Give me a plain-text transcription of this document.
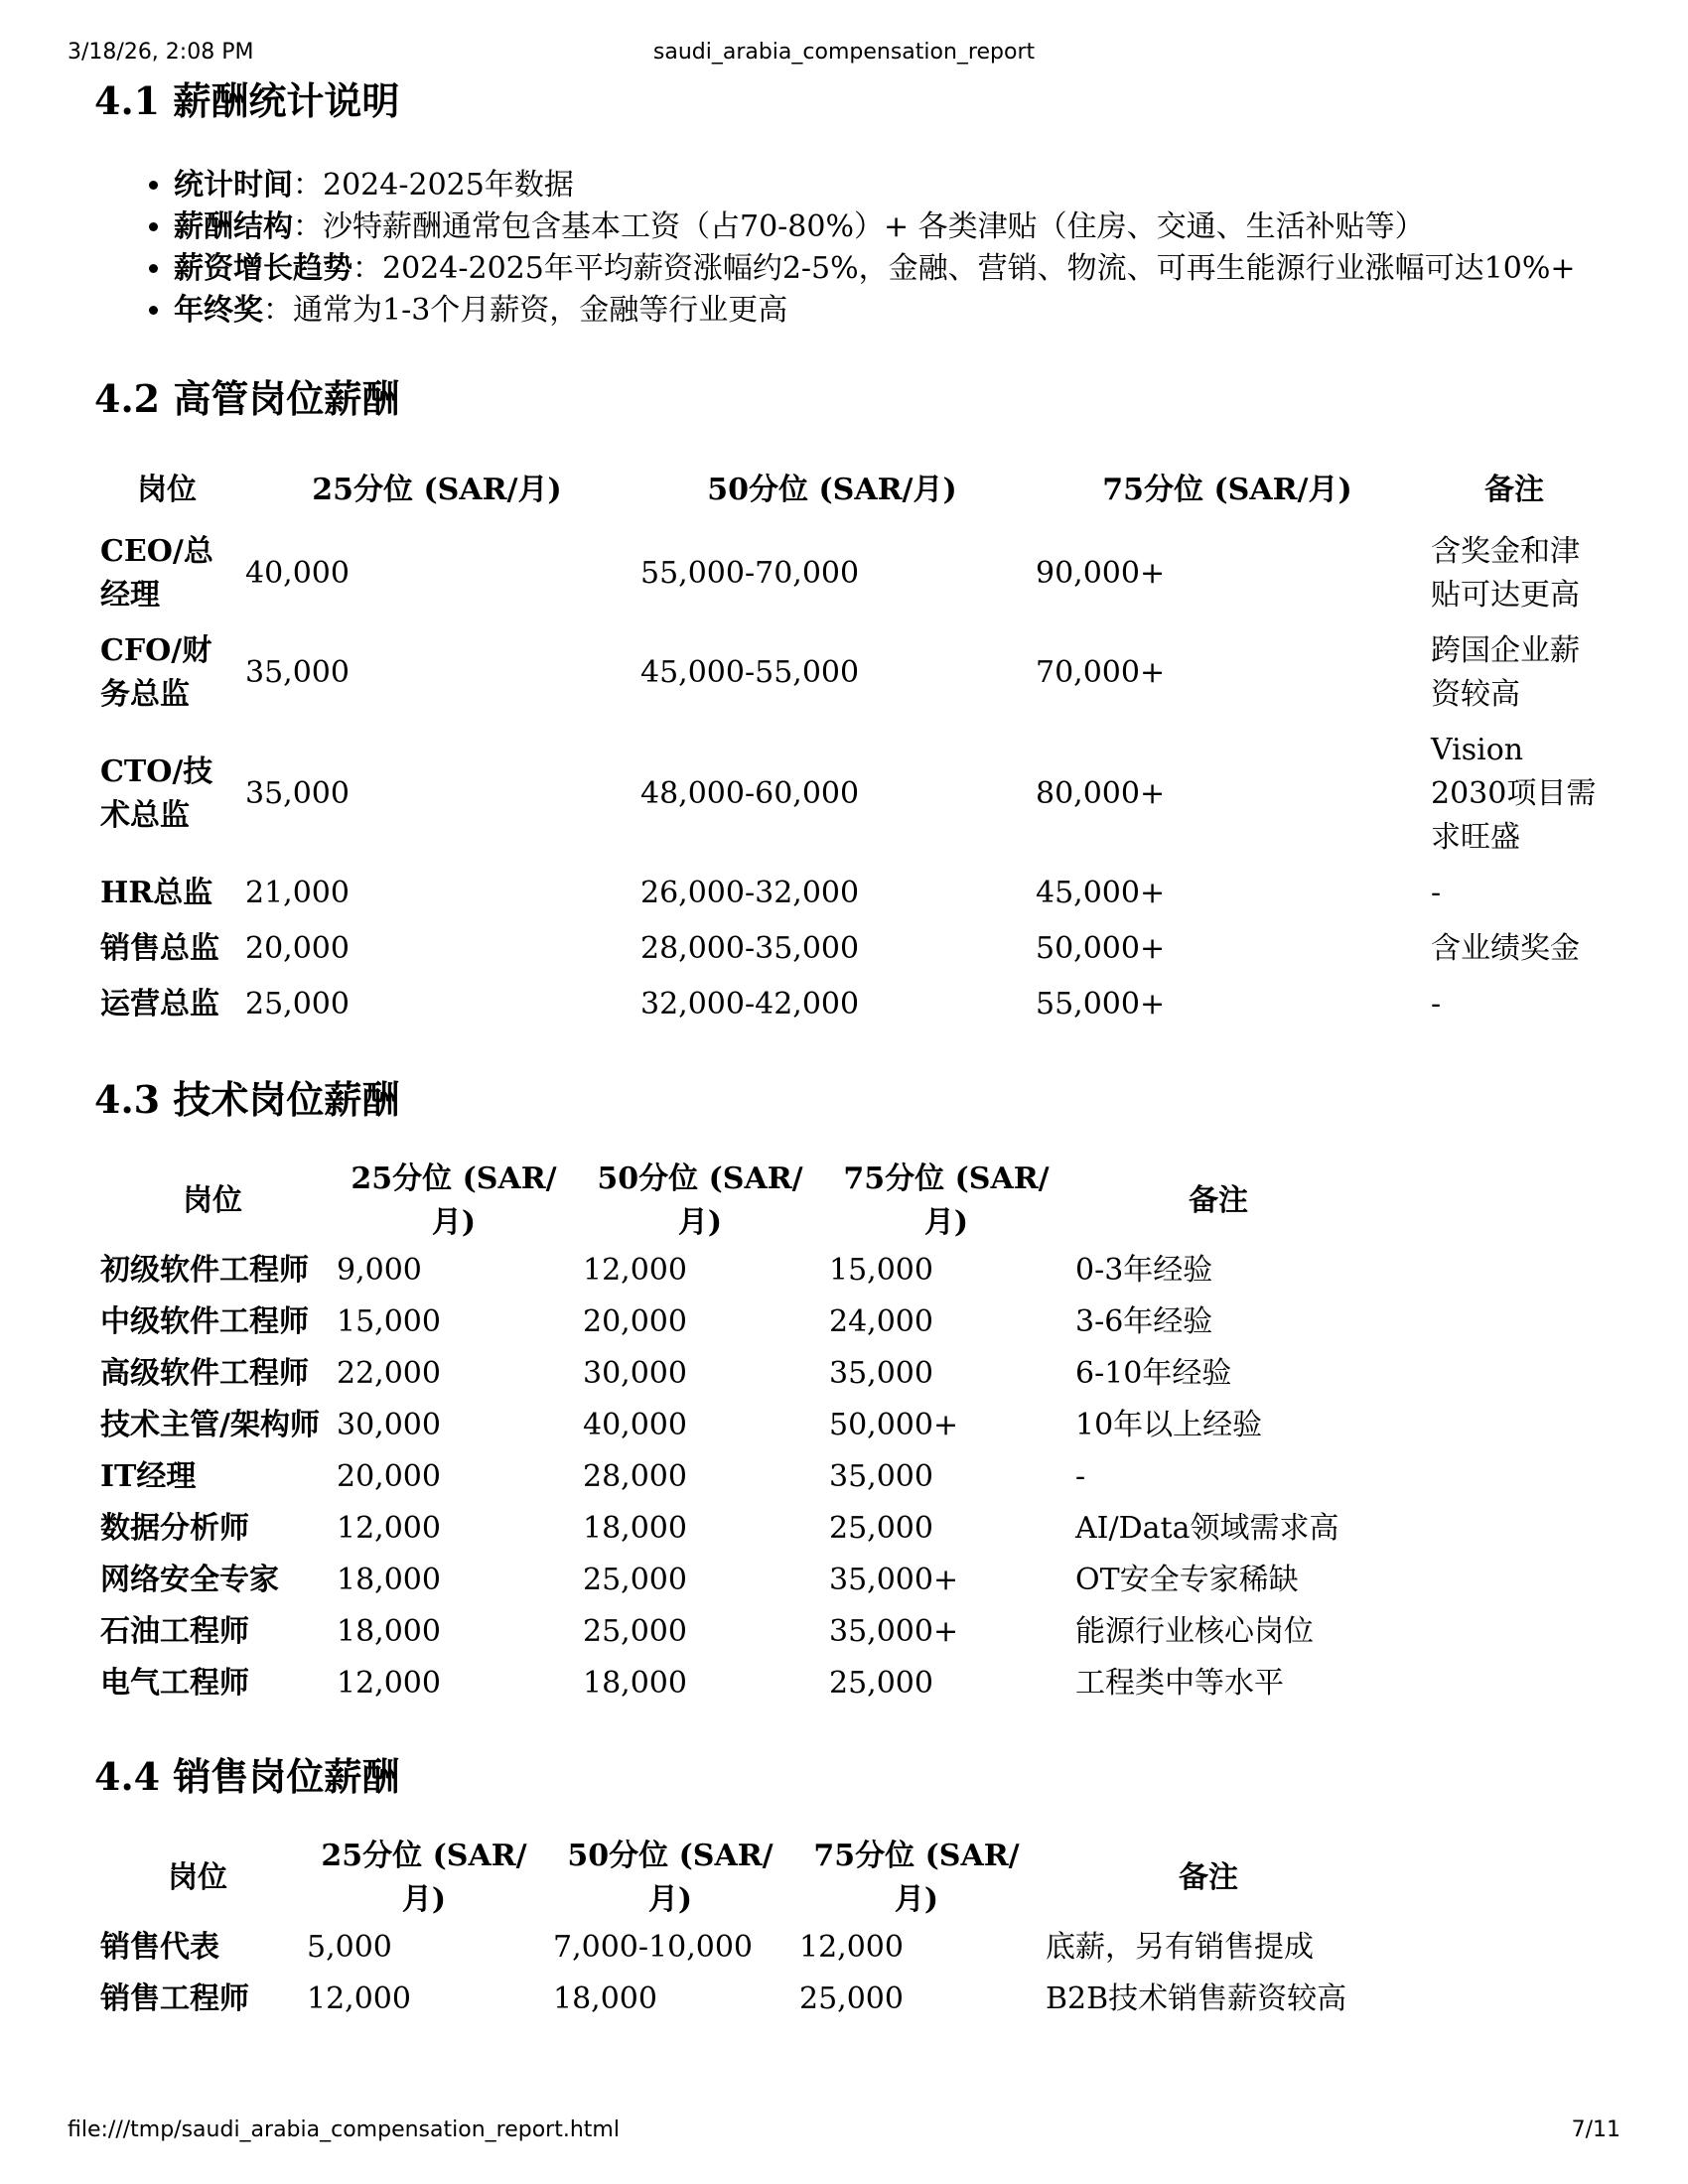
3/18/26, 2:08 PM	saudi_arabia_compensation_report
4.1 薪酬统计说明
• 统计时间：2024-2025年数据
• 薪酬结构：沙特薪酬通常包含基本工资（占70-80%）+ 各类津贴（住房、交通、生活补贴等）
• 薪资增长趋势：2024-2025年平均薪资涨幅约2-5%，金融、营销、物流、可再生能源行业涨幅可达10%+
• 年终奖：通常为1-3个月薪资，金融等行业更高
4.2 高管岗位薪酬
岗位	25分位 (SAR/月)	50分位 (SAR/月)	75分位 (SAR/月)	备注
CEO/总经理	40,000	55,000-70,000	90,000+	含奖金和津贴可达更高
CFO/财务总监	35,000	45,000-55,000	70,000+	跨国企业薪资较高
CTO/技术总监	35,000	48,000-60,000	80,000+	Vision 2030项目需求旺盛
HR总监	21,000	26,000-32,000	45,000+	-
销售总监	20,000	28,000-35,000	50,000+	含业绩奖金
运营总监	25,000	32,000-42,000	55,000+	-
4.3 技术岗位薪酬
岗位	25分位 (SAR/月)	50分位 (SAR/月)	75分位 (SAR/月)	备注
初级软件工程师	9,000	12,000	15,000	0-3年经验
中级软件工程师	15,000	20,000	24,000	3-6年经验
高级软件工程师	22,000	30,000	35,000	6-10年经验
技术主管/架构师	30,000	40,000	50,000+	10年以上经验
IT经理	20,000	28,000	35,000	-
数据分析师	12,000	18,000	25,000	AI/Data领域需求高
网络安全专家	18,000	25,000	35,000+	OT安全专家稀缺
石油工程师	18,000	25,000	35,000+	能源行业核心岗位
电气工程师	12,000	18,000	25,000	工程类中等水平
4.4 销售岗位薪酬
岗位	25分位 (SAR/月)	50分位 (SAR/月)	75分位 (SAR/月)	备注
销售代表	5,000	7,000-10,000	12,000	底薪，另有销售提成
销售工程师	12,000	18,000	25,000	B2B技术销售薪资较高
file:///tmp/saudi_arabia_compensation_report.html	7/11
